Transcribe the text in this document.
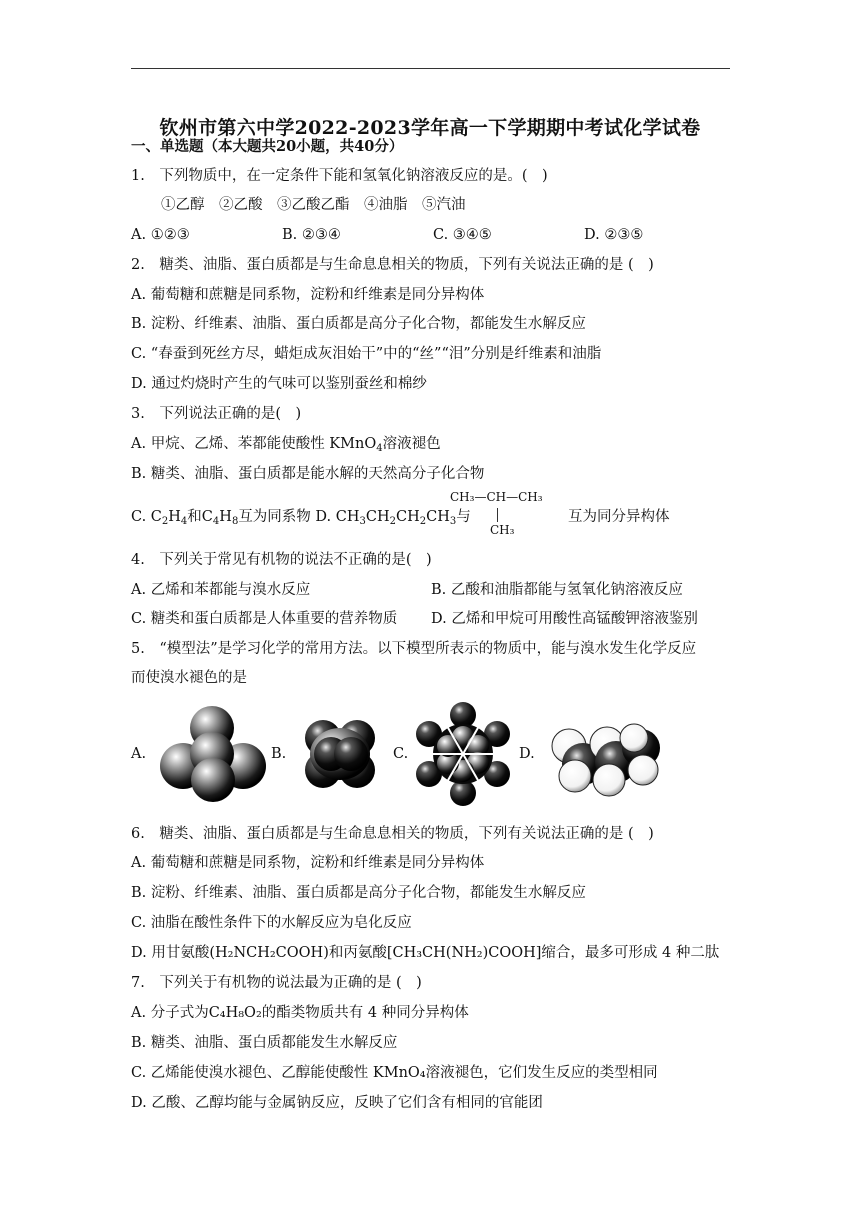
钦州市第六中学2022-2023学年高一下学期期中考试化学试卷
一、单选题（本大题共20小题，共40分）
1.　下列物质中，在一定条件下能和氢氧化钠溶液反应的是。(　)
①乙醇　②乙酸　③乙酸乙酯　④油脂　⑤汽油
A. ①②③	B. ②③④	C. ③④⑤	D. ②③⑤
2.　糖类、油脂、蛋白质都是与生命息息相关的物质，下列有关说法正确的是 (　)
A. 葡萄糖和蔗糖是同系物，淀粉和纤维素是同分异构体
B. 淀粉、纤维素、油脂、蛋白质都是高分子化合物，都能发生水解反应
C. “春蚕到死丝方尽，蜡炬成灰泪始干”中的“丝”“泪”分别是纤维素和油脂
D. 通过灼烧时产生的气味可以鉴别蚕丝和棉纱
3.　下列说法正确的是(　)
A. 甲烷、乙烯、苯都能使酸性 KMnO$_4$溶液褪色
B. 糖类、油脂、蛋白质都是能水解的天然高分子化合物
C. $C_2H_4$和$C_4H_8$互为同系物 D. $CH_3CH_2CH_2CH_3$与
CH₃—CH—CH₃
CH₃
互为同分异构体
4.　下列关于常见有机物的说法不正确的是(　)
A. 乙烯和苯都能与溴水反应	B. 乙酸和油脂都能与氢氧化钠溶液反应
C. 糖类和蛋白质都是人体重要的营养物质 D. 乙烯和甲烷可用酸性高锰酸钾溶液鉴别
5.　“模型法”是学习化学的常用方法。以下模型所表示的物质中，能与溴水发生化学反应
而使溴水褪色的是
A.	B.	C.	D.
6.　糖类、油脂、蛋白质都是与生命息息相关的物质，下列有关说法正确的是 (　)
A. 葡萄糖和蔗糖是同系物，淀粉和纤维素是同分异构体
B. 淀粉、纤维素、油脂、蛋白质都是高分子化合物，都能发生水解反应
C. 油脂在酸性条件下的水解反应为皂化反应
D. 用甘氨酸(H₂NCH₂COOH)和丙氨酸[CH₃CH(NH₂)COOH]缩合，最多可形成 4 种二肽
7.　下列关于有机物的说法最为正确的是 (　)
A. 分子式为C₄H₈O₂的酯类物质共有 4 种同分异构体
B. 糖类、油脂、蛋白质都能发生水解反应
C. 乙烯能使溴水褪色、乙醇能使酸性 KMnO₄溶液褪色，它们发生反应的类型相同
D. 乙酸、乙醇均能与金属钠反应，反映了它们含有相同的官能团
